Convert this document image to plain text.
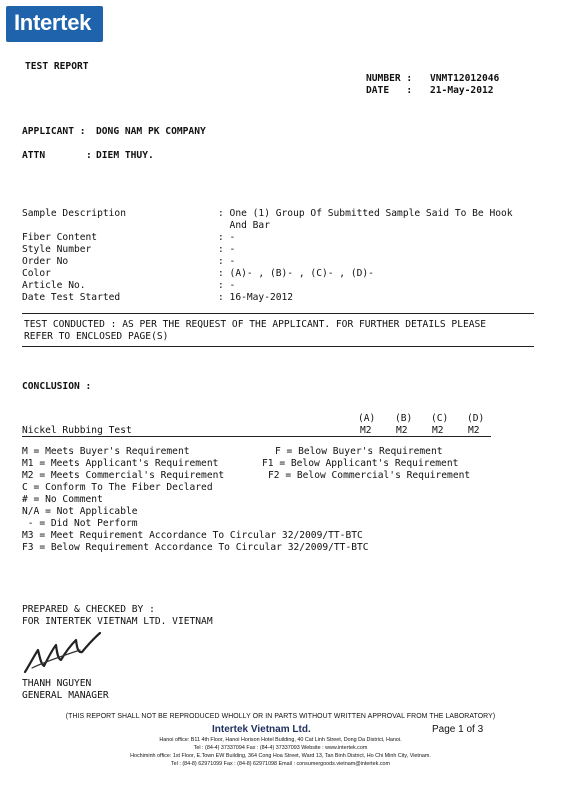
Intertek
TEST REPORT
NUMBER : VNMT12012046
DATE   : 21-May-2012
APPLICANT : DONG NAM PK COMPANY
ATTN	: DIEM THUY.
Sample Description	: One (1) Group Of Submitted Sample Said To Be Hook
And Bar
Fiber Content	: -
Style Number	: -
Order No	: -
Color	: (A)- , (B)- , (C)- , (D)-
Article No.	: -
Date Test Started	: 16-May-2012
TEST CONDUCTED : AS PER THE REQUEST OF THE APPLICANT. FOR FURTHER DETAILS PLEASE
REFER TO ENCLOSED PAGE(S)
CONCLUSION :
(A) (B) (C) (D)
Nickel Rubbing Test	M2	M2	M2	M2
M = Meets Buyer's Requirement
M1 = Meets Applicant's Requirement
M2 = Meets Commercial's Requirement
F = Below Buyer's Requirement
F1 = Below Applicant's Requirement
F2 = Below Commercial's Requirement
C = Conform To The Fiber Declared
# = No Comment
N/A = Not Applicable
- = Did Not Perform
M3 = Meet Requirement Accordance To Circular 32/2009/TT-BTC
F3 = Below Requirement Accordance To Circular 32/2009/TT-BTC
PREPARED & CHECKED BY :
FOR INTERTEK VIETNAM LTD. VIETNAM
THANH NGUYEN
GENERAL MANAGER
(THIS REPORT SHALL NOT BE REPRODUCED WHOLLY OR IN PARTS WITHOUT WRITTEN APPROVAL FROM THE LABORATORY)
Intertek Vietnam Ltd.	Page 1 of 3
Hanoi office: B11 4th Floor, Hanoi Horison Hotel Building, 40 Cat Linh Street, Dong Da District, Hanoi.
Tel : (84-4) 37337094 Fax : (84-4) 37337093 Website : www.intertek.com
Hochiminh office: 1st Floor, E.Town EW Building, 364 Cong Hoa Street, Ward 13, Tan Binh District, Ho Chi Minh City, Vietnam.
Tel : (84-8) 62971099 Fax : (84-8) 62971098 Email : consumergoods.vietnam@intertek.com
